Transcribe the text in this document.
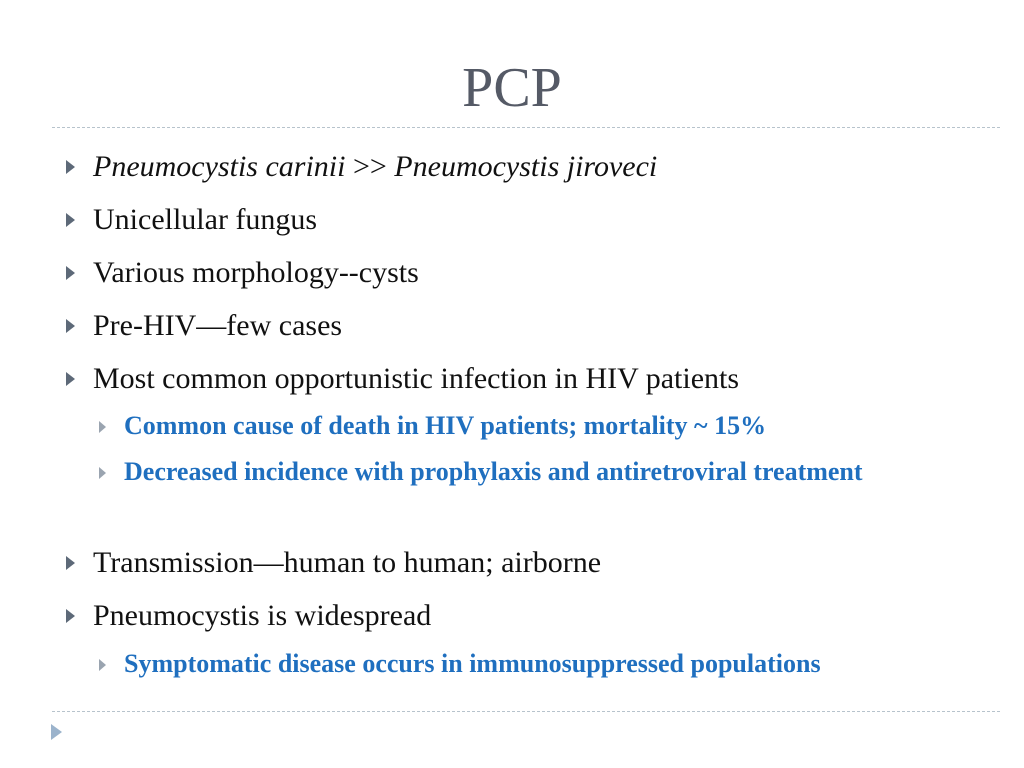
PCP

Pneumocystis carinii >> Pneumocystis jiroveci

Unicellular fungus

Various morphology--cysts

Pre-HIV—few cases

Most common opportunistic infection in HIV patients

Common cause of death in HIV patients; mortality ~ 15%

Decreased incidence with prophylaxis and antiretroviral treatment

Transmission—human to human; airborne

Pneumocystis is widespread

Symptomatic disease occurs in immunosuppressed populations
